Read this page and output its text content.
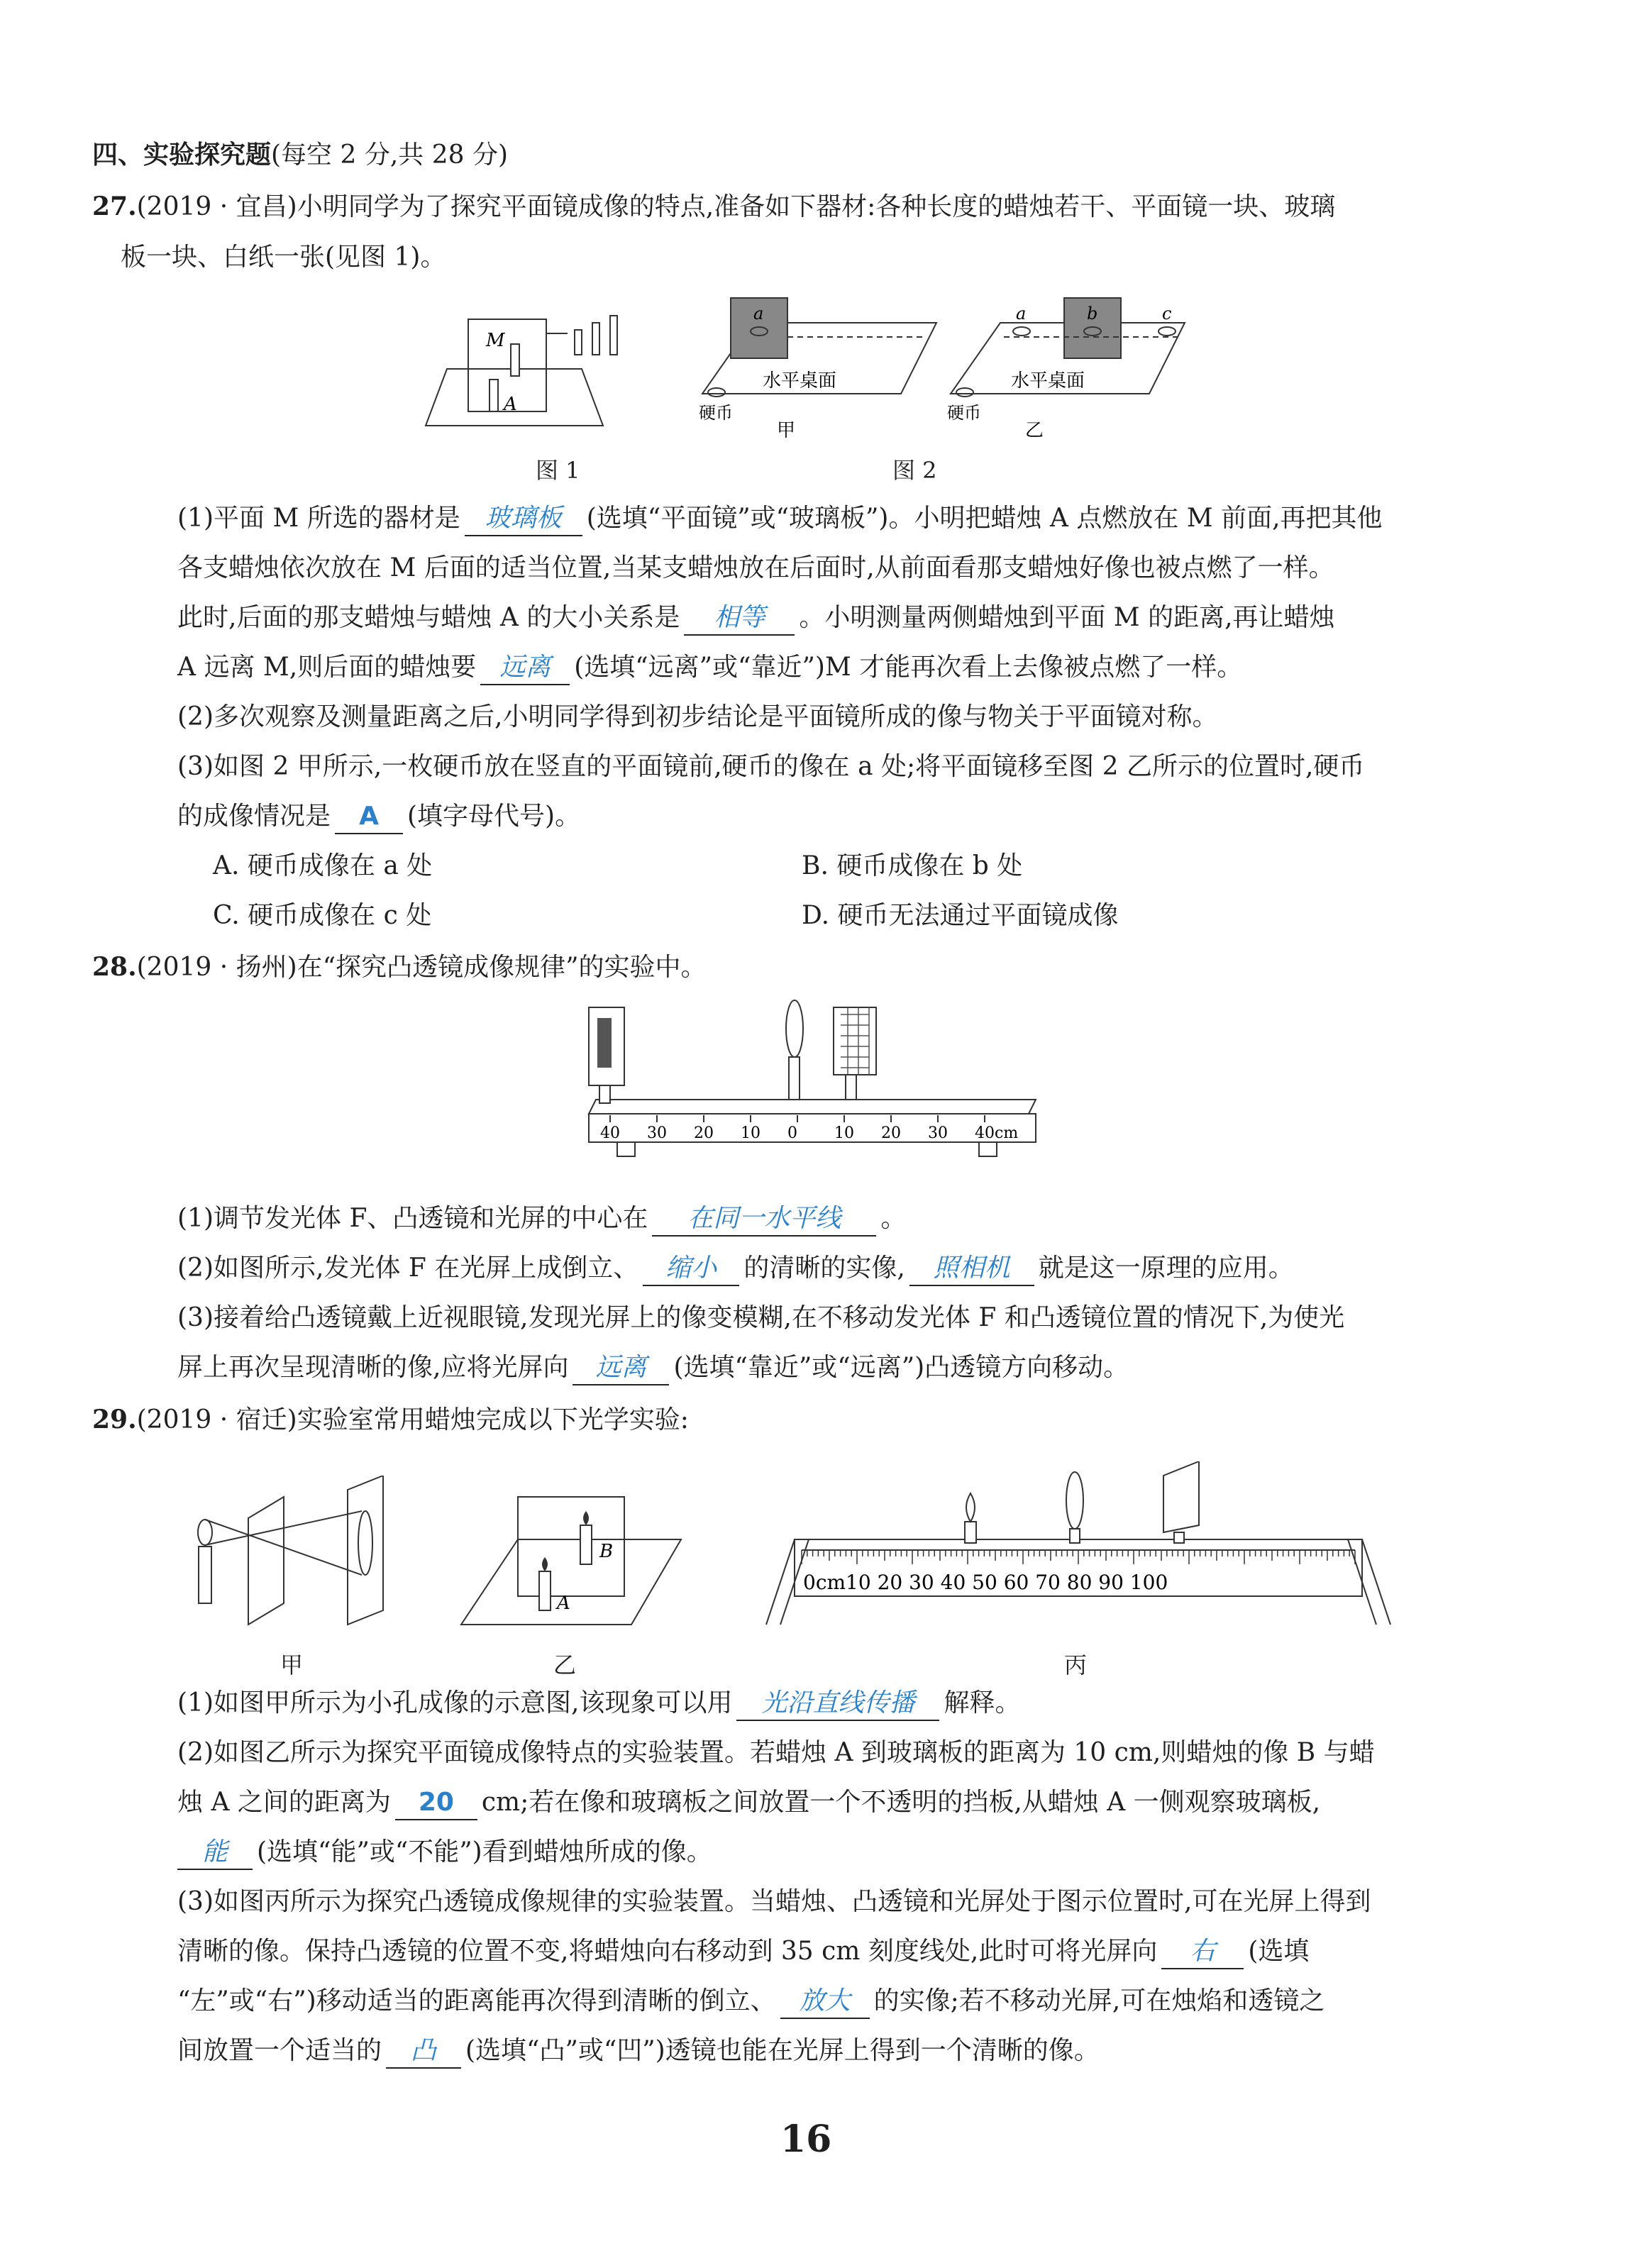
四、实验探究题(每空 2 分,共 28 分)
27.(2019 · 宜昌)小明同学为了探究平面镜成像的特点,准备如下器材:各种长度的蜡烛若干、平面镜一块、玻璃
板一块、白纸一张(见图 1)。
M
A
图 1
a
水平桌面
硬币
甲
a	b	c
水平桌面
硬币
乙
图 2
(1)平面 M 所选的器材是 玻璃板 (选填“平面镜”或“玻璃板”)。小明把蜡烛 A 点燃放在 M 前面,再把其他
各支蜡烛依次放在 M 后面的适当位置,当某支蜡烛放在后面时,从前面看那支蜡烛好像也被点燃了一样。
此时,后面的那支蜡烛与蜡烛 A 的大小关系是 相等 。小明测量两侧蜡烛到平面 M 的距离,再让蜡烛
A 远离 M,则后面的蜡烛要 远离 (选填“远离”或“靠近”)M 才能再次看上去像被点燃了一样。
(2)多次观察及测量距离之后,小明同学得到初步结论是平面镜所成的像与物关于平面镜对称。
(3)如图 2 甲所示,一枚硬币放在竖直的平面镜前,硬币的像在 a 处;将平面镜移至图 2 乙所示的位置时,硬币
的成像情况是 A (填字母代号)。
A. 硬币成像在 a 处	B. 硬币成像在 b 处
C. 硬币成像在 c 处	D. 硬币无法通过平面镜成像
28.(2019 · 扬州)在“探究凸透镜成像规律”的实验中。
40 30 20 10 0 10 20 30 40cm
(1)调节发光体 F、凸透镜和光屏的中心在 在同一水平线 。
(2)如图所示,发光体 F 在光屏上成倒立、 缩小 的清晰的实像, 照相机 就是这一原理的应用。
(3)接着给凸透镜戴上近视眼镜,发现光屏上的像变模糊,在不移动发光体 F 和凸透镜位置的情况下,为使光
屏上再次呈现清晰的像,应将光屏向 远离 (选填“靠近”或“远离”)凸透镜方向移动。
29.(2019 · 宿迁)实验室常用蜡烛完成以下光学实验:
甲
B
A
乙
0cm10 20 30 40 50 60 70 80 90 100
丙
(1)如图甲所示为小孔成像的示意图,该现象可以用 光沿直线传播 解释。
(2)如图乙所示为探究平面镜成像特点的实验装置。若蜡烛 A 到玻璃板的距离为 10 cm,则蜡烛的像 B 与蜡
烛 A 之间的距离为 20 cm;若在像和玻璃板之间放置一个不透明的挡板,从蜡烛 A 一侧观察玻璃板,
能 (选填“能”或“不能”)看到蜡烛所成的像。
(3)如图丙所示为探究凸透镜成像规律的实验装置。当蜡烛、凸透镜和光屏处于图示位置时,可在光屏上得到
清晰的像。保持凸透镜的位置不变,将蜡烛向右移动到 35 cm 刻度线处,此时可将光屏向 右 (选填
“左”或“右”)移动适当的距离能再次得到清晰的倒立、 放大 的实像;若不移动光屏,可在烛焰和透镜之
间放置一个适当的 凸 (选填“凸”或“凹”)透镜也能在光屏上得到一个清晰的像。
16
